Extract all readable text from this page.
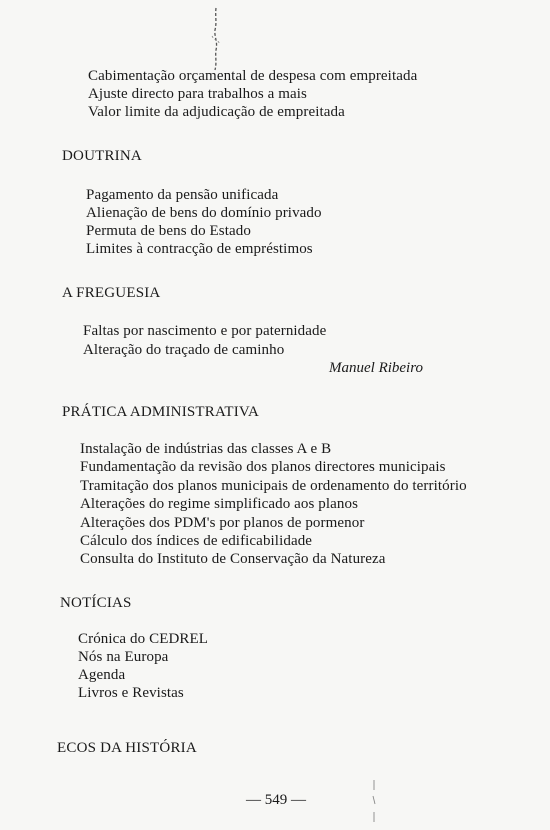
Cabimentação orçamental de despesa com empreitada
Ajuste directo para trabalhos a mais
Valor limite da adjudicação de empreitada
DOUTRINA
Pagamento da pensão unificada
Alienação de bens do domínio privado
Permuta de bens do Estado
Limites à contracção de empréstimos
A FREGUESIA
Faltas por nascimento e por paternidade
Alteração do traçado de caminho
Manuel Ribeiro
PRÁTICA ADMINISTRATIVA
Instalação de indústrias das classes A e B
Fundamentação da revisão dos planos directores municipais
Tramitação dos planos municipais de ordenamento do território
Alterações do regime simplificado aos planos
Alterações dos PDM's por planos de pormenor
Cálculo dos índices de edificabilidade
Consulta do Instituto de Conservação da Natureza
NOTÍCIAS
Crónica do CEDREL
Nós na Europa
Agenda
Livros e Revistas
ECOS DA HISTÓRIA
— 549 —
